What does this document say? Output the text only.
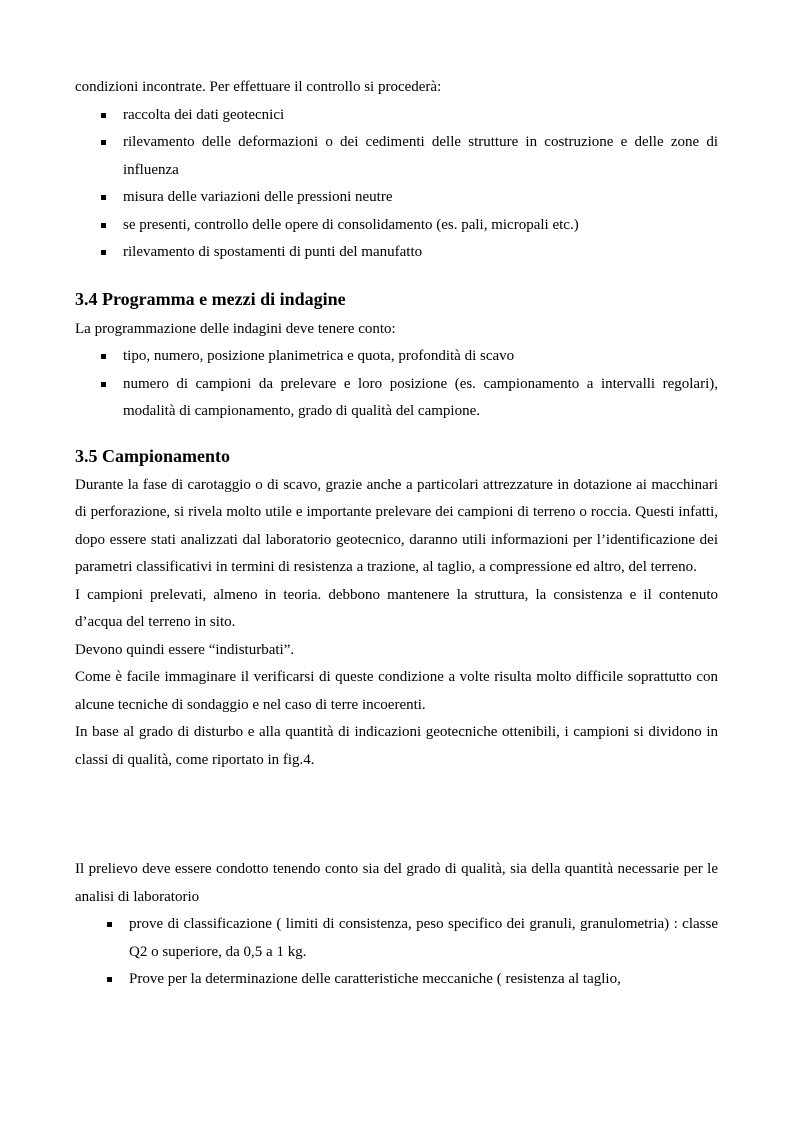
condizioni incontrate. Per effettuare il controllo si procederà:

raccolta dei dati geotecnici
rilevamento delle deformazioni o dei cedimenti delle strutture in costruzione e delle zone di influenza
misura delle variazioni delle pressioni neutre
se presenti, controllo delle opere di consolidamento (es. pali, micropali etc.)
rilevamento di spostamenti di punti del manufatto
3.4 Programma e mezzi di indagine

La programmazione delle indagini deve tenere conto:

tipo, numero, posizione planimetrica e quota, profondità di scavo
numero di campioni da prelevare e loro posizione (es. campionamento a intervalli regolari), modalità di campionamento, grado di qualità del campione.
3.5 Campionamento

Durante la fase di carotaggio o di scavo, grazie anche a particolari attrezzature in dotazione ai macchinari di perforazione, si rivela molto utile e importante prelevare dei campioni di terreno o roccia. Questi infatti, dopo essere stati analizzati dal laboratorio geotecnico, daranno utili informazioni per l’identificazione dei parametri classificativi in termini di resistenza a trazione, al taglio, a compressione ed altro, del terreno.

I campioni prelevati, almeno in teoria. debbono mantenere la struttura, la consistenza e il contenuto d’acqua del terreno in sito.

Devono quindi essere “indisturbati”.

Come è facile immaginare il verificarsi di queste condizione a volte risulta molto difficile soprattutto con alcune tecniche di sondaggio e nel caso di terre incoerenti.

In base al grado di disturbo e alla quantità di indicazioni geotecniche ottenibili, i campioni si dividono in classi di qualità, come riportato in fig.4.

Il prelievo deve essere condotto tenendo conto sia del grado di qualità, sia della quantità necessarie per le analisi di laboratorio

prove di classificazione ( limiti di consistenza, peso specifico dei granuli, granulometria) : classe Q2 o superiore, da 0,5 a 1 kg.
Prove per la determinazione delle caratteristiche meccaniche ( resistenza al taglio,
